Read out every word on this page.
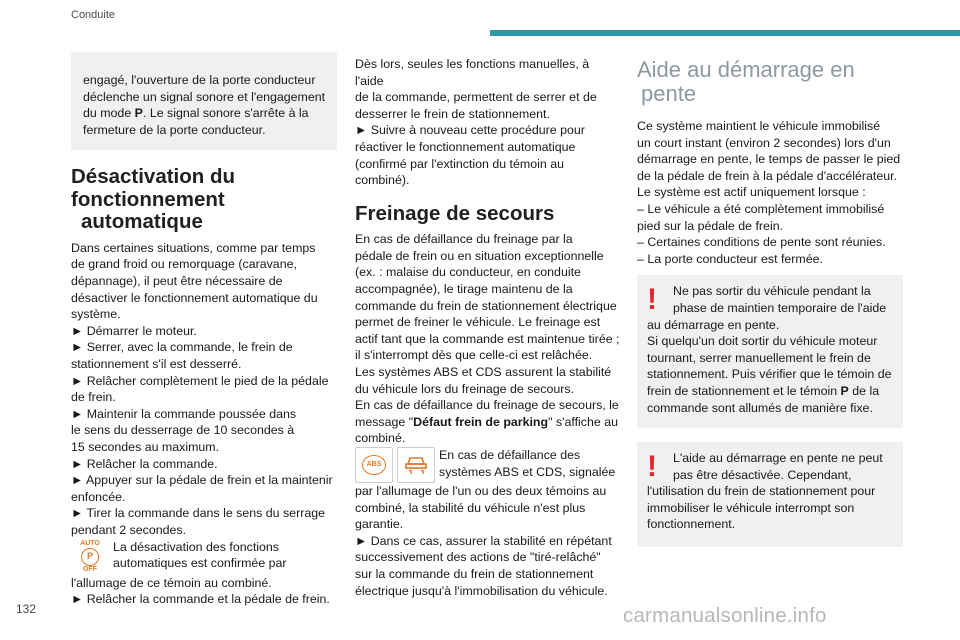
Conduite

engagé, l'ouverture de la porte conducteur

déclenche un signal sonore et l'engagement

du mode P. Le signal sonore s'arrête à la

fermeture de la porte conducteur.

Désactivation du
fonctionnement
automatique

Dans certaines situations, comme par temps

de grand froid ou remorquage (caravane,

dépannage), il peut être nécessaire de

désactiver le fonctionnement automatique du

système.

► Démarrer le moteur.

► Serrer, avec la commande, le frein de

stationnement s'il est desserré.

► Relâcher complètement le pied de la pédale

de frein.

► Maintenir la commande poussée dans

le sens du desserrage de 10 secondes à

15 secondes au maximum.

► Relâcher la commande.

► Appuyer sur la pédale de frein et la maintenir

enfoncée.

► Tirer la commande dans le sens du serrage

pendant 2 secondes.

AUTO
P
OFF

La désactivation des fonctions

automatiques est confirmée par

l'allumage de ce témoin au combiné.

► Relâcher la commande et la pédale de frein.

Dès lors, seules les fonctions manuelles, à l'aide

de la commande, permettent de serrer et de

desserrer le frein de stationnement.

► Suivre à nouveau cette procédure pour

réactiver le fonctionnement automatique

(confirmé par l'extinction du témoin au combiné).

Freinage de secours

En cas de défaillance du freinage par la

pédale de frein ou en situation exceptionnelle

(ex. : malaise du conducteur, en conduite

accompagnée), le tirage maintenu de la

commande du frein de stationnement électrique

permet de freiner le véhicule. Le freinage est

actif tant que la commande est maintenue tirée ;

il s'interrompt dès que celle-ci est relâchée.

Les systèmes ABS et CDS assurent la stabilité

du véhicule lors du freinage de secours.

En cas de défaillance du freinage de secours, le

message "Défaut frein de parking" s'affiche au

combiné.

ABS

En cas de défaillance des

systèmes ABS et CDS, signalée

par l'allumage de l'un ou des deux témoins au

combiné, la stabilité du véhicule n'est plus

garantie.

► Dans ce cas, assurer la stabilité en répétant

successivement des actions de "tiré-relâché"

sur la commande du frein de stationnement

électrique jusqu'à l'immobilisation du véhicule.

Aide au démarrage en
pente

Ce système maintient le véhicule immobilisé

un court instant (environ 2 secondes) lors d'un

démarrage en pente, le temps de passer le pied

de la pédale de frein à la pédale d'accélérateur.

Le système est actif uniquement lorsque :

– Le véhicule a été complètement immobilisé

pied sur la pédale de frein.

– Certaines conditions de pente sont réunies.

– La porte conducteur est fermée.

!	Ne pas sortir du véhicule pendant la
phase de maintien temporaire de l'aide

au démarrage en pente.

Si quelqu'un doit sortir du véhicule moteur

tournant, serrer manuellement le frein de

stationnement. Puis vérifier que le témoin de

frein de stationnement et le témoin P de la

commande sont allumés de manière fixe.

!	L'aide au démarrage en pente ne peut
pas être désactivée. Cependant,

l'utilisation du frein de stationnement pour

immobiliser le véhicule interrompt son

fonctionnement.

132	carmanualsonline.info
